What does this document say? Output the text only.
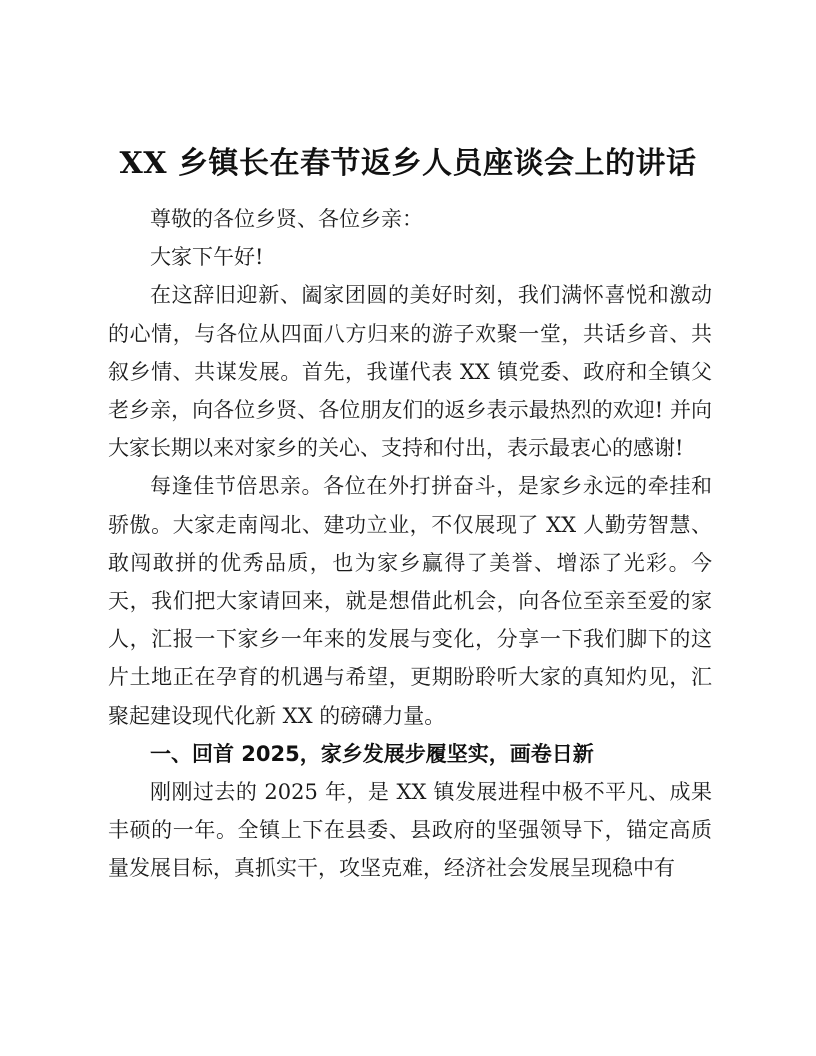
XX 乡镇长在春节返乡人员座谈会上的讲话

尊敬的各位乡贤、各位乡亲：

大家下午好!

在这辞旧迎新、阖家团圆的美好时刻，我们满怀喜悦和激动的心情，与各位从四面八方归来的游子欢聚一堂，共话乡音、共叙乡情、共谋发展。首先，我谨代表 XX 镇党委、政府和全镇父老乡亲，向各位乡贤、各位朋友们的返乡表示最热烈的欢迎! 并向大家长期以来对家乡的关心、支持和付出，表示最衷心的感谢!

每逢佳节倍思亲。各位在外打拼奋斗，是家乡永远的牵挂和骄傲。大家走南闯北、建功立业，不仅展现了 XX 人勤劳智慧、敢闯敢拼的优秀品质，也为家乡赢得了美誉、增添了光彩。今天，我们把大家请回来，就是想借此机会，向各位至亲至爱的家人，汇报一下家乡一年来的发展与变化，分享一下我们脚下的这片土地正在孕育的机遇与希望，更期盼聆听大家的真知灼见，汇聚起建设现代化新 XX 的磅礴力量。

一、回首 2025，家乡发展步履坚实，画卷日新

刚刚过去的 2025 年，是 XX 镇发展进程中极不平凡、成果丰硕的一年。全镇上下在县委、县政府的坚强领导下，锚定高质量发展目标，真抓实干，攻坚克难，经济社会发展呈现稳中有
